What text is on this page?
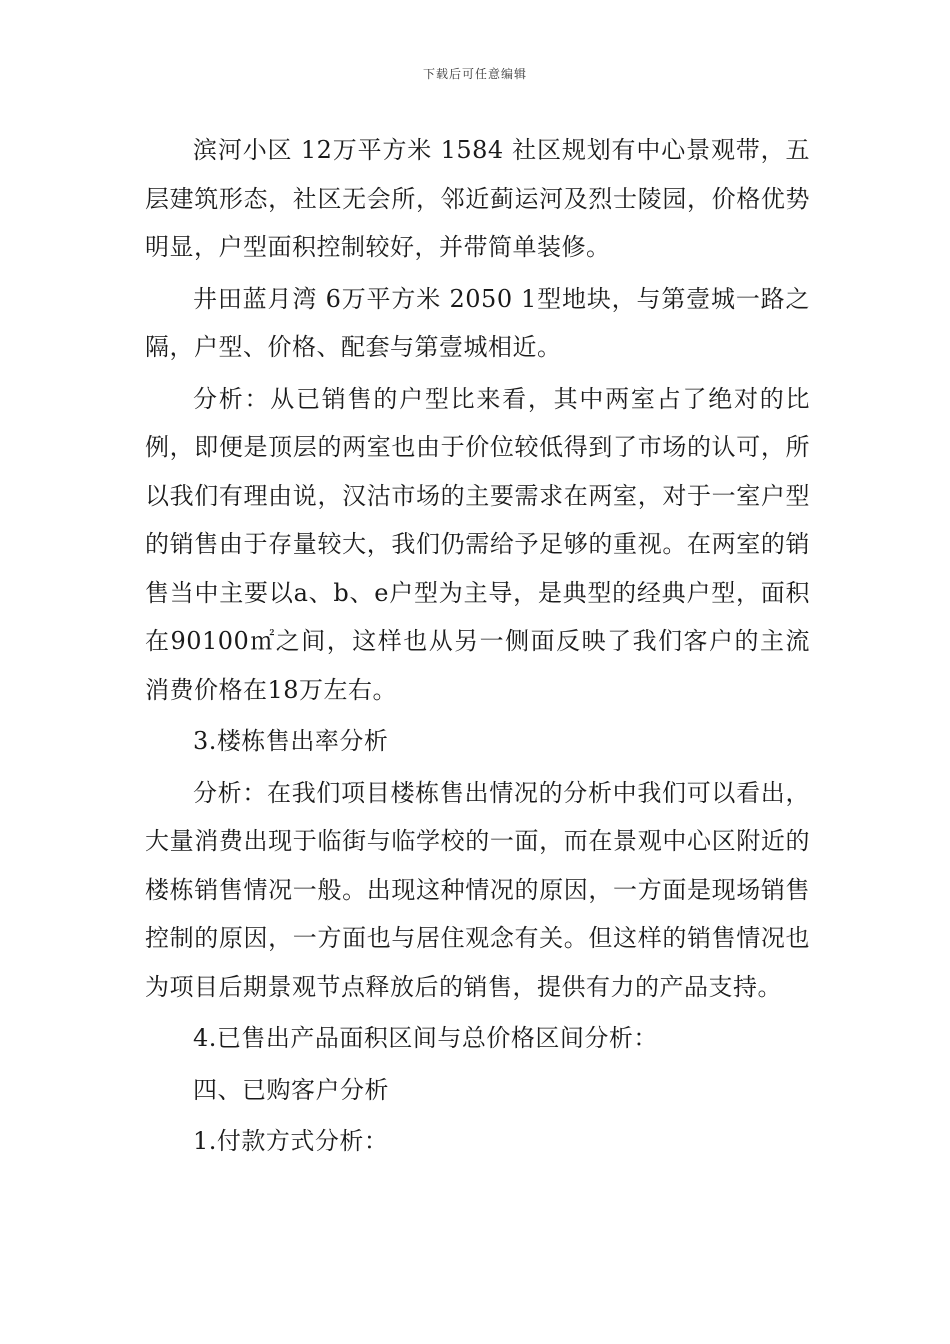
下载后可任意编辑

滨河小区 12万平方米 1584 社区规划有中心景观带，五层建筑形态，社区无会所，邻近蓟运河及烈士陵园，价格优势明显，户型面积控制较好，并带简单装修。

井田蓝月湾 6万平方米 2050 1型地块，与第壹城一路之隔，户型、价格、配套与第壹城相近。

分析：从已销售的户型比来看，其中两室占了绝对的比例，即便是顶层的两室也由于价位较低得到了市场的认可，所以我们有理由说，汉沽市场的主要需求在两室，对于一室户型的销售由于存量较大，我们仍需给予足够的重视。在两室的销售当中主要以a、b、e户型为主导，是典型的经典户型，面积在90100㎡之间，这样也从另一侧面反映了我们客户的主流消费价格在18万左右。

3.楼栋售出率分析

分析：在我们项目楼栋售出情况的分析中我们可以看出，大量消费出现于临街与临学校的一面，而在景观中心区附近的楼栋销售情况一般。出现这种情况的原因，一方面是现场销售控制的原因，一方面也与居住观念有关。但这样的销售情况也为项目后期景观节点释放后的销售，提供有力的产品支持。

4.已售出产品面积区间与总价格区间分析：

四、已购客户分析

1.付款方式分析：
